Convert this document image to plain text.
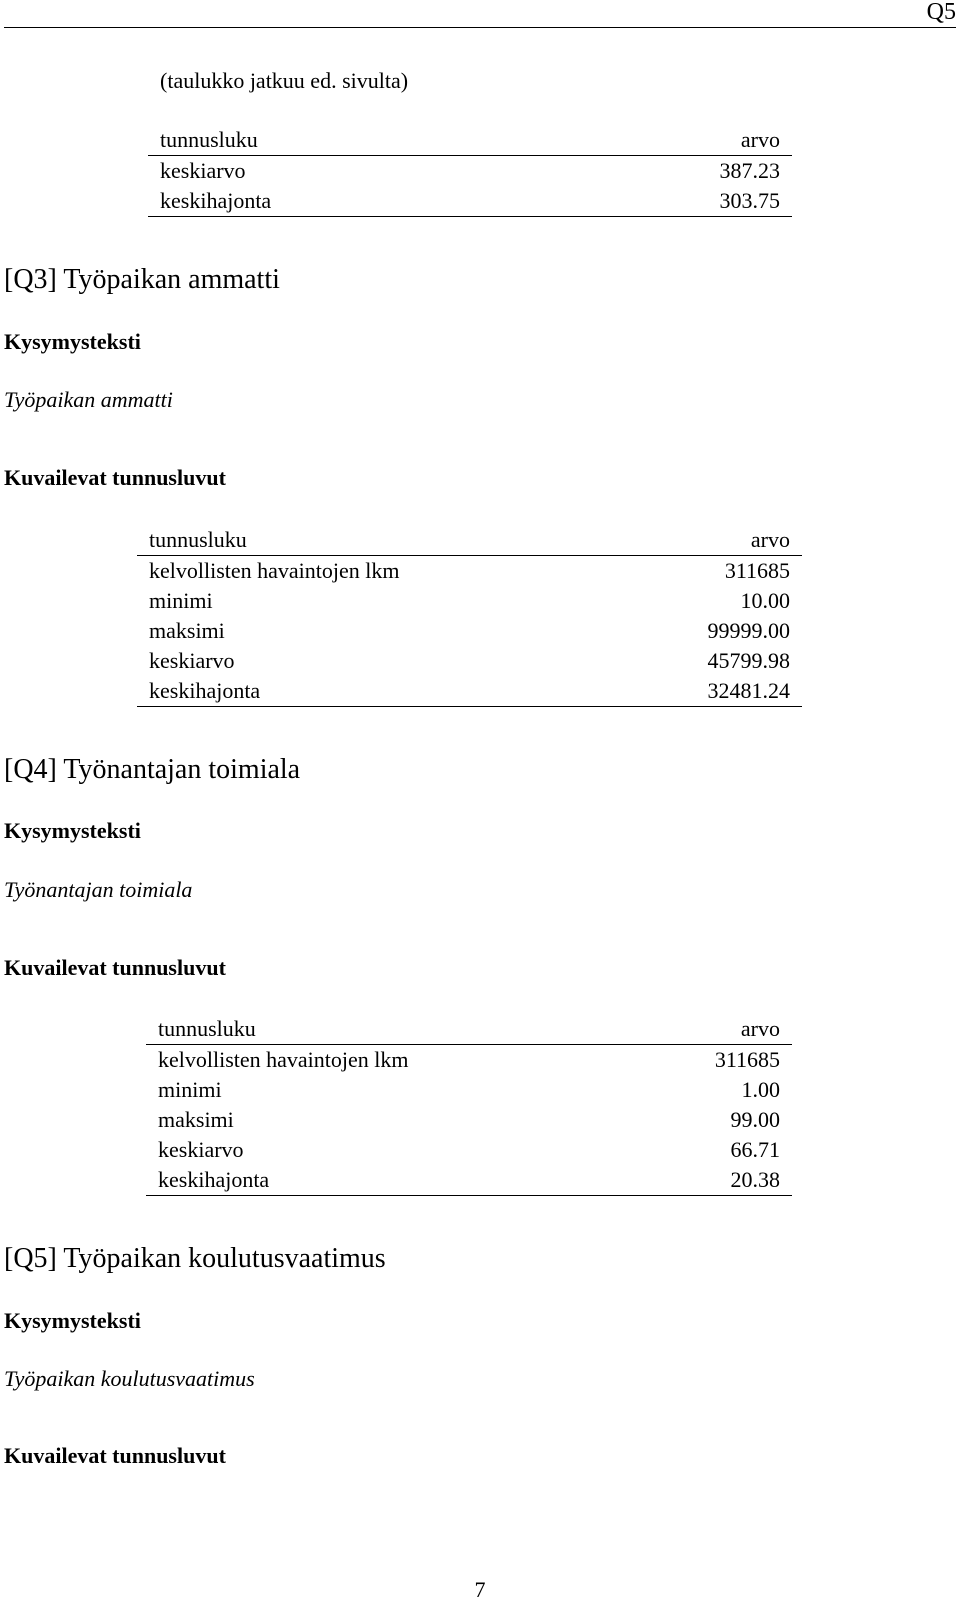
Q5
(taulukko jatkuu ed. sivulta)
tunnusluku	arvo
keskiarvo	387.23
keskihajonta	303.75
[Q3] Työpaikan ammatti
Kysymysteksti
Työpaikan ammatti
Kuvailevat tunnusluvut
tunnusluku	arvo
kelvollisten havaintojen lkm	311685
minimi	10.00
maksimi	99999.00
keskiarvo	45799.98
keskihajonta	32481.24
[Q4] Työnantajan toimiala
Kysymysteksti
Työnantajan toimiala
Kuvailevat tunnusluvut
tunnusluku	arvo
kelvollisten havaintojen lkm	311685
minimi	1.00
maksimi	99.00
keskiarvo	66.71
keskihajonta	20.38
[Q5] Työpaikan koulutusvaatimus
Kysymysteksti
Työpaikan koulutusvaatimus
Kuvailevat tunnusluvut
7
